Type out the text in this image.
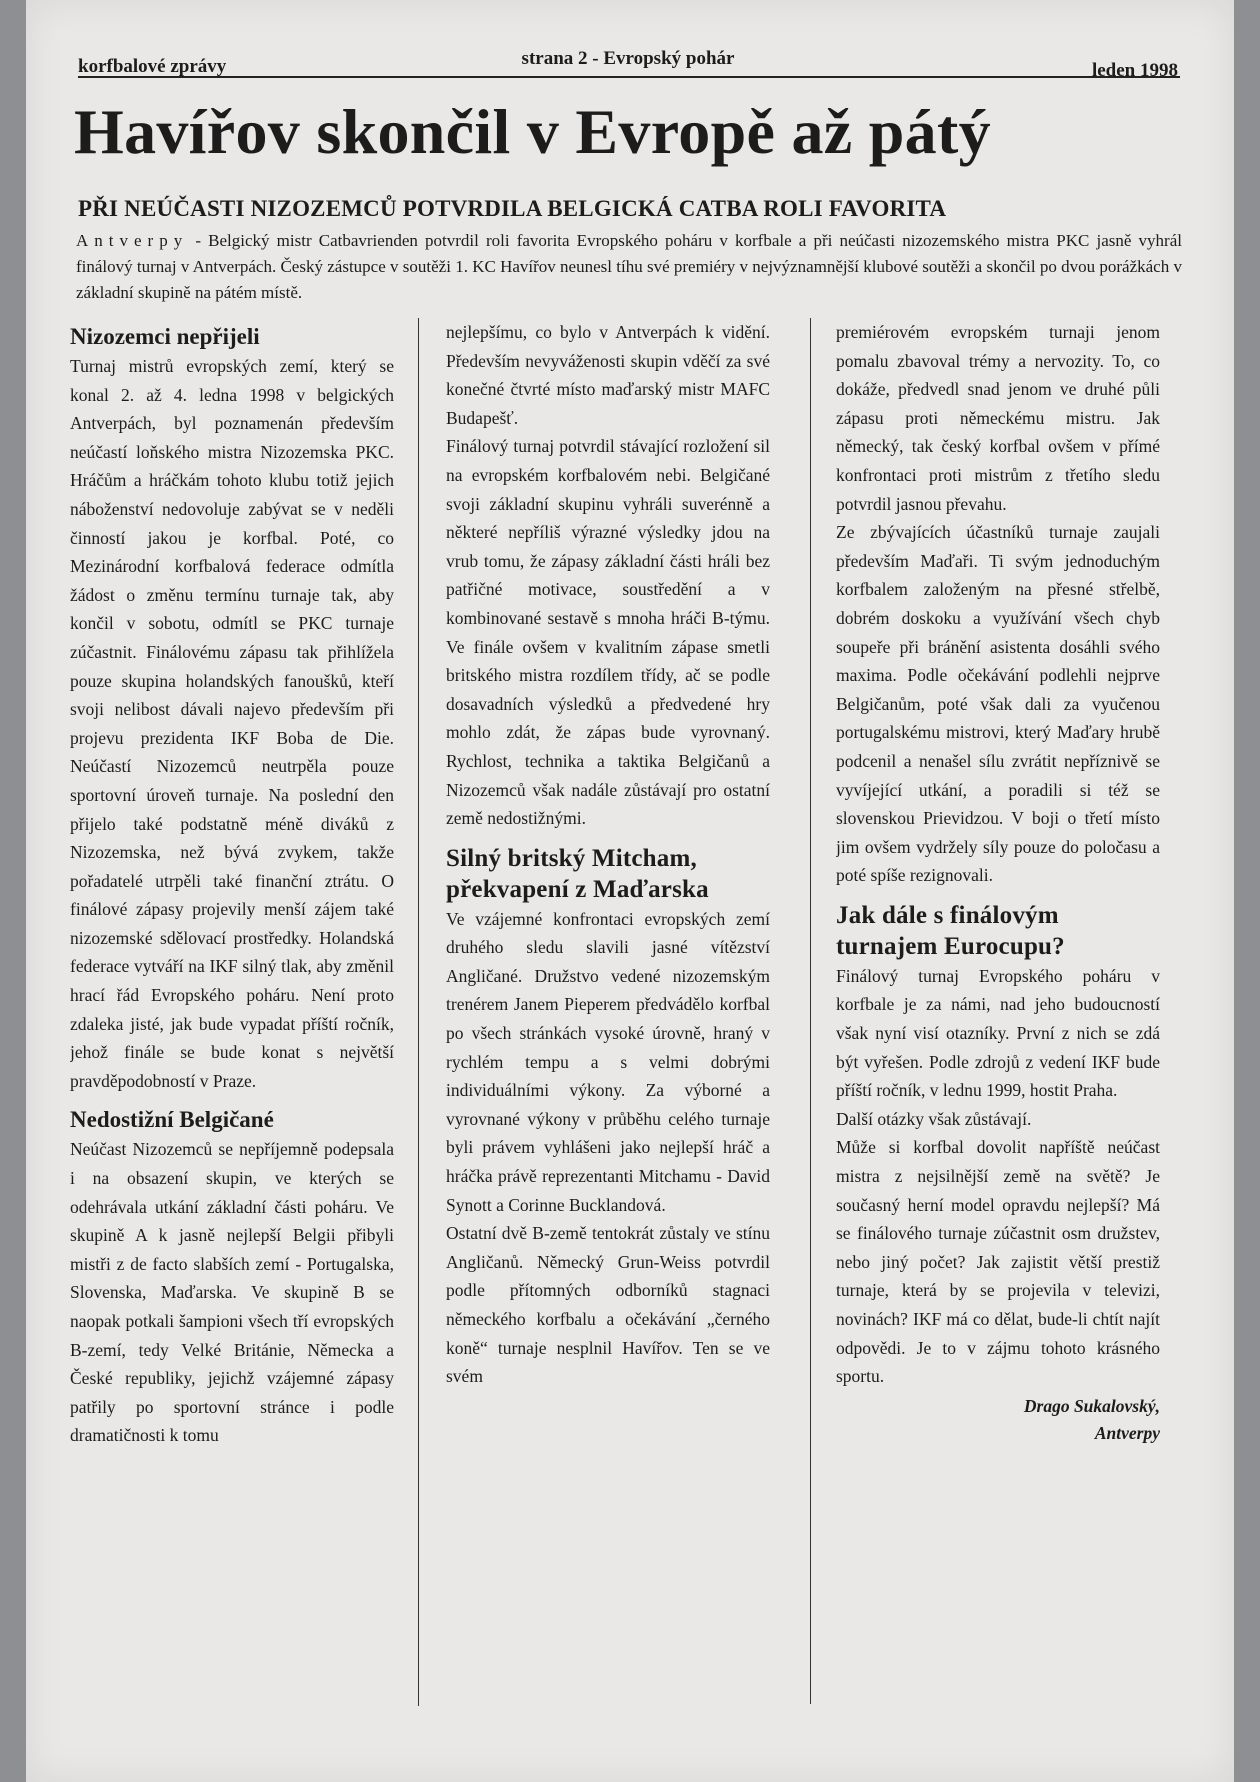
korfbalové zprávy	strana 2 - Evropský pohár
leden 1998
Havířov skončil v Evropě až pátý
PŘI NEÚČASTI NIZOZEMCŮ POTVRDILA BELGICKÁ CATBA ROLI FAVORITA
Antverpy - Belgický mistr Catbavrienden potvrdil roli favorita Evropského poháru v korfbale a při neúčasti nizozemského mistra PKC jasně vyhrál finálový turnaj v Antverpách. Český zástupce v soutěži 1. KC Havířov neunesl tíhu své premiéry v nejvýznamnější klubové soutěži a skončil po dvou porážkách v základní skupině na pátém místě.
Nizozemci nepřijeli

Turnaj mistrů evropských zemí, který se konal 2. až 4. ledna 1998 v belgických Antverpách, byl poznamenán především neúčastí loňského mistra Nizozemska PKC. Hráčům a hráčkám tohoto klubu totiž jejich náboženství nedovoluje zabývat se v neděli činností jakou je korfbal. Poté, co Mezinárodní korfbalová federace odmítla žádost o změnu termínu turnaje tak, aby končil v sobotu, odmítl se PKC turnaje zúčastnit. Finálovému zápasu tak přihlížela pouze skupina holandských fanoušků, kteří svoji nelibost dávali najevo především při projevu prezidenta IKF Boba de Die. Neúčastí Nizozemců neutrpěla pouze sportovní úroveň turnaje. Na poslední den přijelo také podstatně méně diváků z Nizozemska, než bývá zvykem, takže pořadatelé utrpěli také finanční ztrátu. O finálové zápasy projevily menší zájem také nizozemské sdělovací prostředky. Holandská federace vytváří na IKF silný tlak, aby změnil hrací řád Evropského poháru. Není proto zdaleka jisté, jak bude vypadat příští ročník, jehož finále se bude konat s největší pravděpodobností v Praze.

Nedostižní Belgičané

Neúčast Nizozemců se nepříjemně podepsala i na obsazení skupin, ve kterých se odehrávala utkání základní části poháru. Ve skupině A k jasně nejlepší Belgii přibyli mistři z de facto slabších zemí - Portugalska, Slovenska, Maďarska. Ve skupině B se naopak potkali šampioni všech tří evropských B-zemí, tedy Velké Británie, Německa a České republiky, jejichž vzájemné zápasy patřily po sportovní stránce i podle dramatičnosti k tomu

nejlepšímu, co bylo v Antverpách k vidění. Především nevyváženosti skupin vděčí za své konečné čtvrté místo maďarský mistr MAFC Budapešť.

Finálový turnaj potvrdil stávající rozložení sil na evropském korfbalovém nebi. Belgičané svoji základní skupinu vyhráli suverénně a některé nepříliš výrazné výsledky jdou na vrub tomu, že zápasy základní části hráli bez patřičné motivace, soustředění a v kombinované sestavě s mnoha hráči B-týmu. Ve finále ovšem v kvalitním zápase smetli britského mistra rozdílem třídy, ač se podle dosavadních výsledků a předvedené hry mohlo zdát, že zápas bude vyrovnaný. Rychlost, technika a taktika Belgičanů a Nizozemců však nadále zůstávají pro ostatní země nedostižnými.

Silný britský Mitcham, překvapení z Maďarska

Ve vzájemné konfrontaci evropských zemí druhého sledu slavili jasné vítězství Angličané. Družstvo vedené nizozemským trenérem Janem Pieperem předvádělo korfbal po všech stránkách vysoké úrovně, hraný v rychlém tempu a s velmi dobrými individuálními výkony. Za výborné a vyrovnané výkony v průběhu celého turnaje byli právem vyhlášeni jako nejlepší hráč a hráčka právě reprezentanti Mitchamu - David Synott a Corinne Bucklandová.

Ostatní dvě B-země tentokrát zůstaly ve stínu Angličanů. Německý Grun-Weiss potvrdil podle přítomných odborníků stagnaci německého korfbalu a očekávání „černého koně“ turnaje nesplnil Havířov. Ten se ve svém

premiérovém evropském turnaji jenom pomalu zbavoval trémy a nervozity. To, co dokáže, předvedl snad jenom ve druhé půli zápasu proti německému mistru. Jak německý, tak český korfbal ovšem v přímé konfrontaci proti mistrům z třetího sledu potvrdil jasnou převahu.

Ze zbývajících účastníků turnaje zaujali především Maďaři. Ti svým jednoduchým korfbalem založeným na přesné střelbě, dobrém doskoku a využívání všech chyb soupeře při bránění asistenta dosáhli svého maxima. Podle očekávání podlehli nejprve Belgičanům, poté však dali za vyučenou portugalskému mistrovi, který Maďary hrubě podcenil a nenašel sílu zvrátit nepříznivě se vyvíjející utkání, a poradili si též se slovenskou Prievidzou. V boji o třetí místo jim ovšem vydržely síly pouze do poločasu a poté spíše rezignovali.

Jak dále s finálovým turnajem Eurocupu?

Finálový turnaj Evropského poháru v korfbale je za námi, nad jeho budoucností však nyní visí otazníky. První z nich se zdá být vyřešen. Podle zdrojů z vedení IKF bude příští ročník, v lednu 1999, hostit Praha.

Další otázky však zůstávají.

Může si korfbal dovolit napříště neúčast mistra z nejsilnější země na světě? Je současný herní model opravdu nejlepší? Má se finálového turnaje zúčastnit osm družstev, nebo jiný počet? Jak zajistit větší prestiž turnaje, která by se projevila v televizi, novinách? IKF má co dělat, bude-li chtít najít odpovědi. Je to v zájmu tohoto krásného sportu.

Drago Sukalovský,
Antverpy
